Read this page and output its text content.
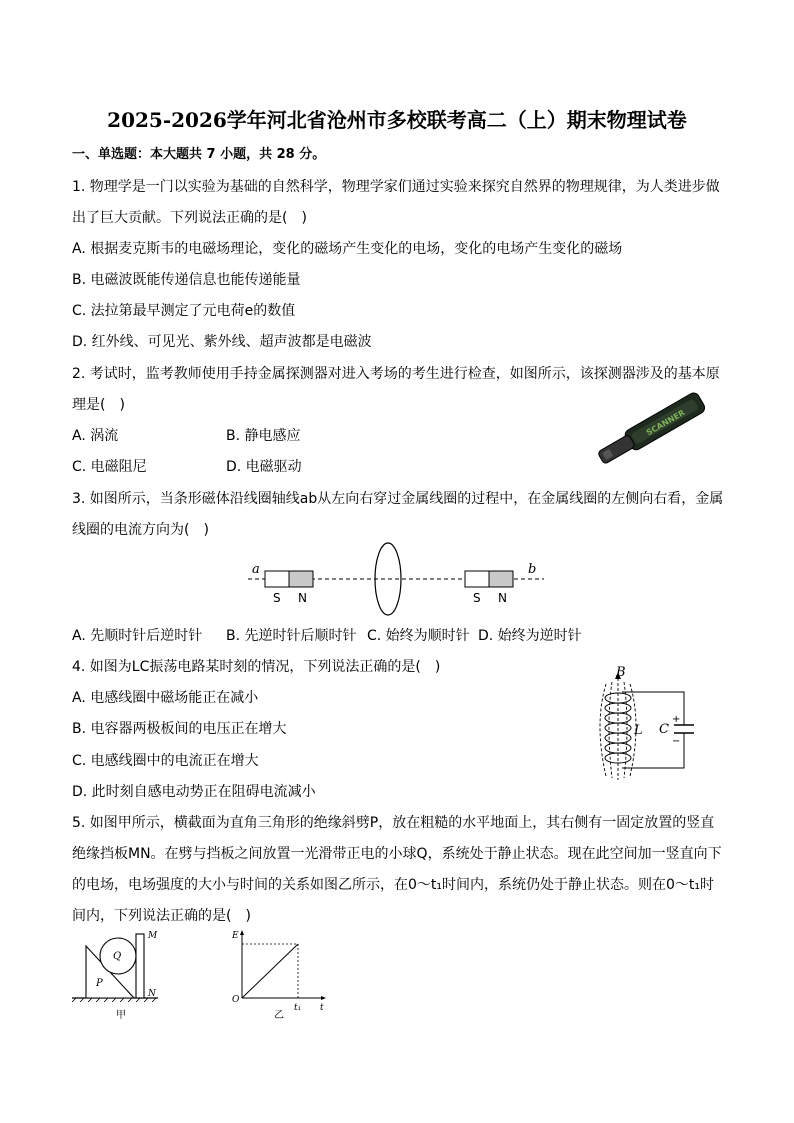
2025-2026学年河北省沧州市多校联考高二（上）期末物理试卷
一、单选题：本大题共 7 小题，共 28 分。
1. 物理学是一门以实验为基础的自然科学，物理学家们通过实验来探究自然界的物理规律，为人类进步做
出了巨大贡献。下列说法正确的是(　)
A. 根据麦克斯韦的电磁场理论，变化的磁场产生变化的电场，变化的电场产生变化的磁场
B. 电磁波既能传递信息也能传递能量
C. 法拉第最早测定了元电荷e的数值
D. 红外线、可见光、紫外线、超声波都是电磁波
2. 考试时，监考教师使用手持金属探测器对进入考场的考生进行检查，如图所示，该探测器涉及的基本原
理是(　)
A. 涡流	B. 静电感应
C. 电磁阻尼	D. 电磁驱动
SCANNER
3. 如图所示，当条形磁体沿线圈轴线ab从左向右穿过金属线圈的过程中，在金属线圈的左侧向右看，金属
线圈的电流方向为(　)
a	b
S N	S N
A. 先顺时针后逆时针 B. 先逆时针后顺时针 C. 始终为顺时针 D. 始终为逆时针
4. 如图为LC振荡电路某时刻的情况，下列说法正确的是(　)
A. 电感线圈中磁场能正在减小
B. 电容器两极板间的电压正在增大
C. 电感线圈中的电流正在增大
D. 此时刻自感电动势正在阻碍电流减小
+
−
C
B
L
5. 如图甲所示，横截面为直角三角形的绝缘斜劈P，放在粗糙的水平地面上，其右侧有一固定放置的竖直
绝缘挡板MN。在劈与挡板之间放置一光滑带正电的小球Q，系统处于静止状态。现在此空间加一竖直向下
的电场，电场强度的大小与时间的关系如图乙所示，在0～t₁时间内，系统仍处于静止状态。则在0～t₁时
间内，下列说法正确的是(　)
M
N
Q
P
甲
E
O
t₁ t
乙
